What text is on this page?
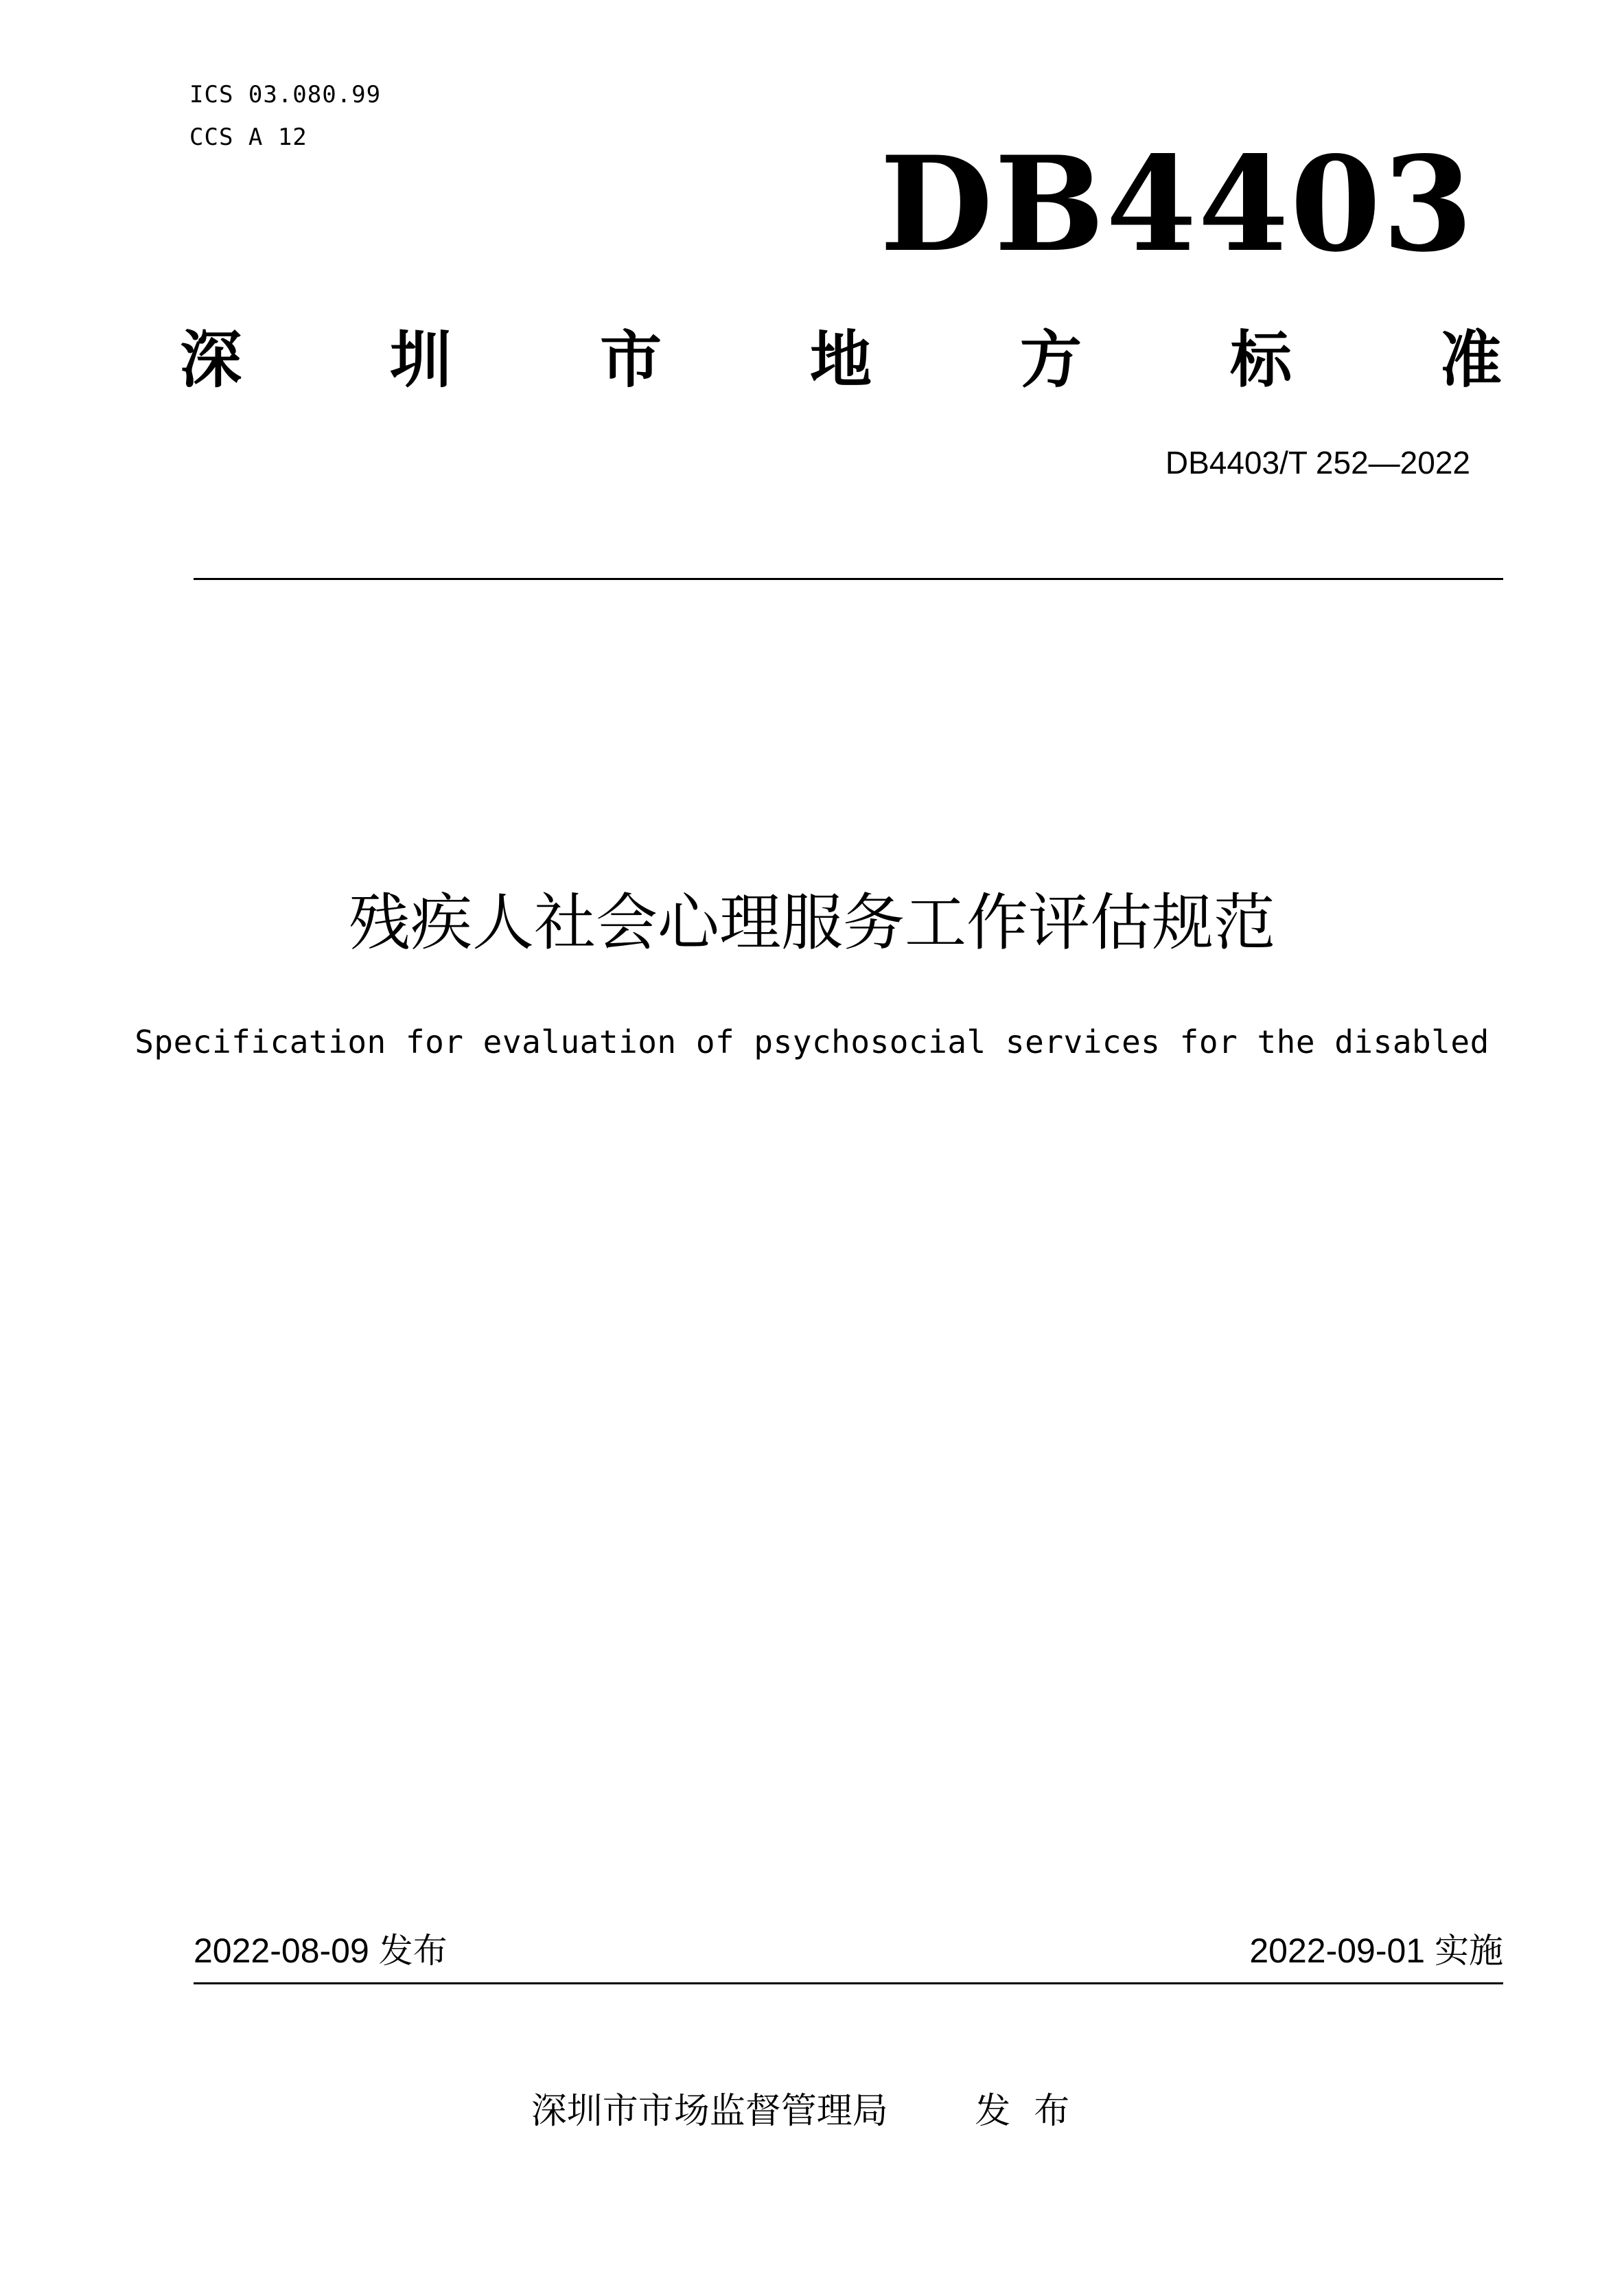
ICS 03.080.99
CCS A 12	DB4403
深 圳 市 地 方 标 准
DB4403/T 252—2022
残疾人社会心理服务工作评估规范
Specification for evaluation of psychosocial services for the disabled
2022-08-09 发布	2022-09-01 实施
深圳市市场监督管理局 发布
